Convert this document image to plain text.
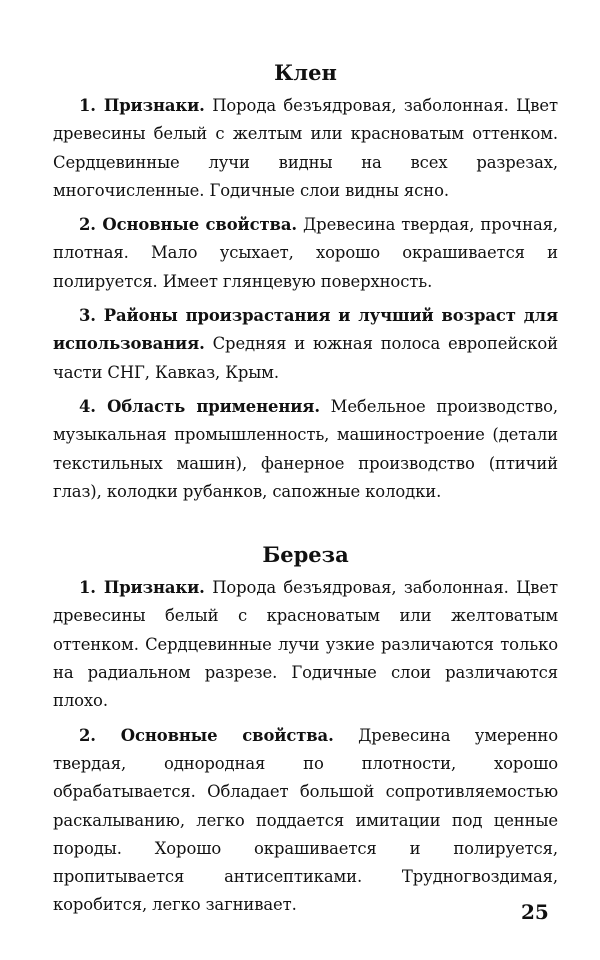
Клен

1. Признаки. Порода безъядровая, заболонная. Цвет древесины белый с желтым или красноватым оттенком. Сердцевинные лучи видны на всех разрезах, многочисленные. Годичные слои видны ясно.

2. Основные свойства. Древесина твердая, прочная, плотная. Мало усыхает, хорошо окрашивается и полируется. Имеет глянцевую поверхность.

3. Районы произрастания и лучший возраст для использования. Средняя и южная полоса европейской части СНГ, Кавказ, Крым.

4. Область применения. Мебельное производство, музыкальная промышленность, машиностроение (детали текстильных машин), фанерное производство (птичий глаз), колодки рубанков, сапожные колодки.

Береза

1. Признаки. Порода безъядровая, заболонная. Цвет древесины белый с красноватым или желтоватым оттенком. Сердцевинные лучи узкие различаются только на радиальном разрезе. Годичные слои различаются плохо.

2. Основные свойства. Древесина умеренно твердая, однородная по плотности, хорошо обрабатывается. Обладает большой сопротивляемостью раскалыванию, легко поддается имитации под ценные породы. Хорошо окрашивается и полируется, пропитывается антисептиками. Трудногвоздимая, коробится, легко загнивает.	25
